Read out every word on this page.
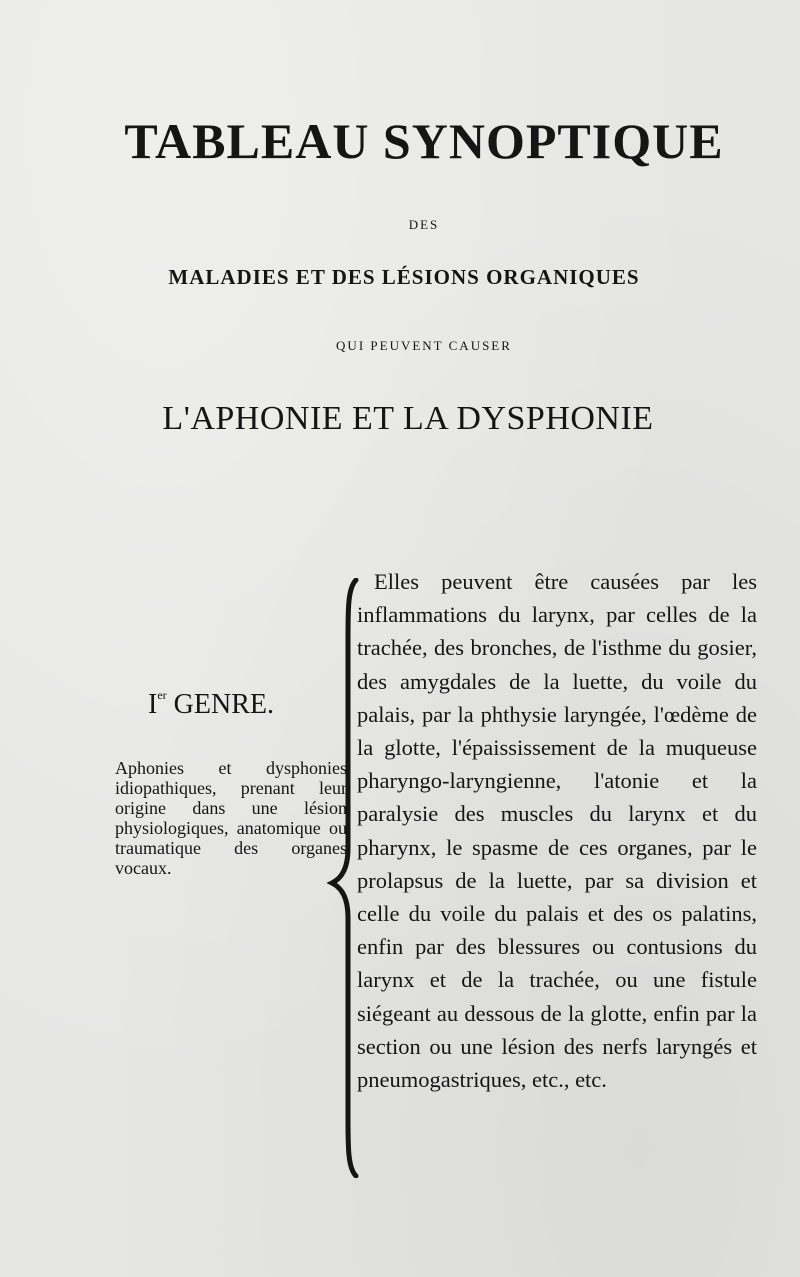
TABLEAU SYNOPTIQUE
DES
MALADIES ET DES LÉSIONS ORGANIQUES
QUI PEUVENT CAUSER
L'APHONIE ET LA DYSPHONIE
Ier GENRE.
Aphonies et dysphonies idiopathiques, prenant leur origine dans une lésion physiologiques, anatomique ou traumatique des organes vocaux.
Elles peuvent être causées par les inflammations du larynx, par celles de la trachée, des bronches, de l'isthme du gosier, des amygdales de la luette, du voile du palais, par la phthysie laryngée, l'œdème de la glotte, l'épaississement de la muqueuse pharyngo-laryngienne, l'atonie et la paralysie des muscles du larynx et du pharynx, le spasme de ces organes, par le prolapsus de la luette, par sa division et celle du voile du palais et des os palatins, enfin par des blessures ou contusions du larynx et de la trachée, ou une fistule siégeant au dessous de la glotte, enfin par la section ou une lésion des nerfs laryngés et pneumogastriques, etc., etc.
